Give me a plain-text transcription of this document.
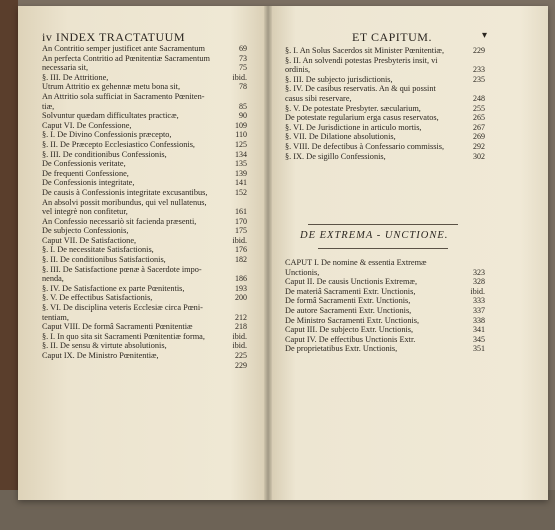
iv INDEX TRACTATUUM	ET CAPITUM.	▾
An Contritio semper justificet ante Sacramentum	69
An perfecta Contritio ad Pœnitentiæ Sacramentum	73
necessaria sit,	75
§. III. De Attritione,	ibid.
Utrum Attritio ex gehennæ metu bona sit,	78
An Attritio sola sufficiat in Sacramento Pœniten-
tiæ,	85
Solvuntur quædam difficultates practicæ,	90
Caput VI. De Confessione,	109
§. I. De Divino Confessionis præcepto,	110
§. II. De Præcepto Ecclesiastico Confessionis,	125
§. III. De conditionibus Confessionis,	134
De Confessionis veritate,	135
De frequenti Confessione,	139
De Confessionis integritate,	141
De causis à Confessionis integritate excusantibus,	152
An absolvi possit moribundus, qui vel nullatenus,
vel integrè non confitetur,	161
An Confessio necessariò sit facienda præsenti,	170
De subjecto Confessionis,	175
Caput VII. De Satisfactione,	ibid.
§. I. De necessitate Satisfactionis,	176
§. II. De conditionibus Satisfactionis,	182
§. III. De Satisfactione pœnæ à Sacerdote impo-
nenda,	186
§. IV. De Satisfactione ex parte Pœnitentis,	193
§. V. De effectibus Satisfactionis,	200
§. VI. De disciplina veteris Ecclesiæ circa Pœni-
tentiam,	212
Caput VIII. De formâ Sacramenti Pœnitentiæ	218
§. I. In quo sita sit Sacramenti Pœnitentiæ forma,	ibid.
§. II. De sensu & virtute absolutionis,	ibid.
Caput IX. De Ministro Pœnitentiæ,	225
229
§. I. An Solus Sacerdos sit Minister Pœnitentiæ,	229
§. II. An solvendi potestas Presbyteris insit, vi
ordinis,	233
§. III. De subjecto jurisdictionis,	235
§. IV. De casibus reservatis. An & qui possint
casus sibi reservare,	248
§. V. De potestate Presbyter. sæcularium,	255
De potestate regularium erga casus reservatos,	265
§. VI. De Jurisdictione in articulo mortis,	267
§. VII. De Dilatione absolutionis,	269
§. VIII. De defectibus à Confessario commissis,	292
§. IX. De sigillo Confessionis,	302
DE EXTREMA - UNCTIONE.
CAPUT I. De nomine & essentia Extremæ
Unctionis,	323
Caput II. De causis Unctionis Extremæ,	328
De materiâ Sacramenti Extr. Unctionis,	ibid.
De formâ Sacramenti Extr. Unctionis,	333
De autore Sacramenti Extr. Unctionis,	337
De Ministro Sacramenti Extr. Unctionis,	338
Caput III. De subjecto Extr. Unctionis,	341
Caput IV. De effectibus Unctionis Extr.	345
De proprietatibus Extr. Unctionis,	351
